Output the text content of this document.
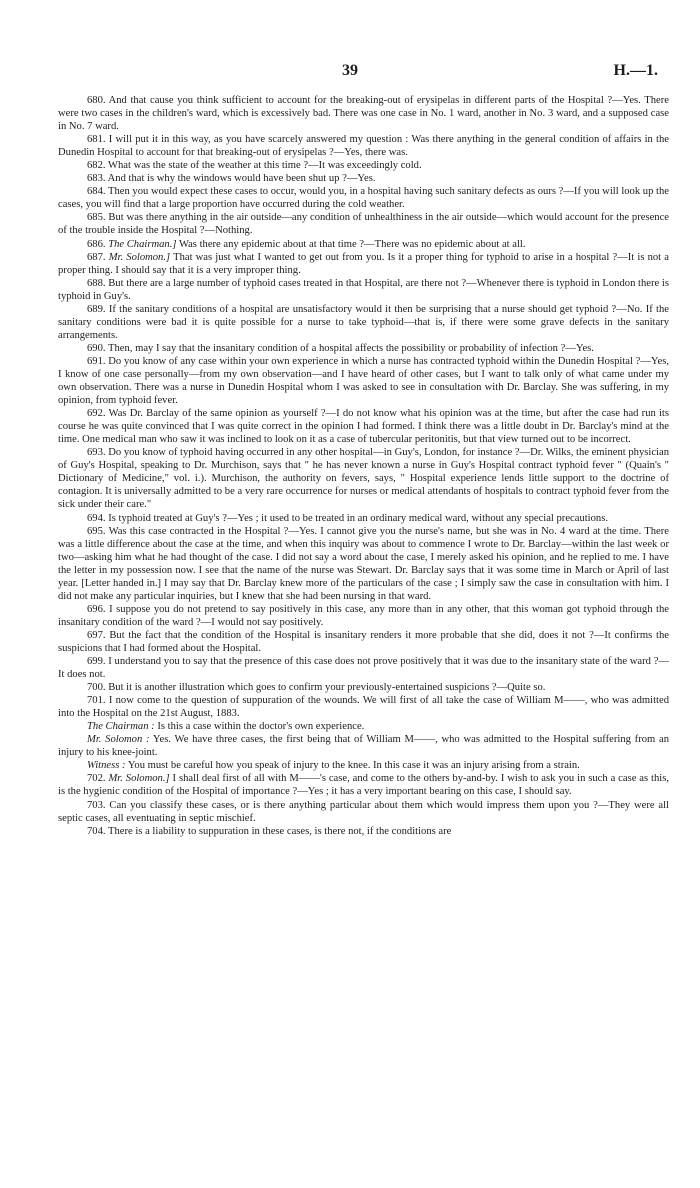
39	H.—1.

680. And that cause you think sufficient to account for the breaking-out of erysipelas in different parts of the Hospital ?—Yes. There were two cases in the children's ward, which is excessively bad. There was one case in No. 1 ward, another in No. 3 ward, and a supposed case in No. 7 ward.

681. I will put it in this way, as you have scarcely answered my question : Was there anything in the general condition of affairs in the Dunedin Hospital to account for that breaking-out of erysipelas ?—Yes, there was.

682. What was the state of the weather at this time ?—It was exceedingly cold.

683. And that is why the windows would have been shut up ?—Yes.

684. Then you would expect these cases to occur, would you, in a hospital having such sanitary defects as ours ?—If you will look up the cases, you will find that a large proportion have occurred during the cold weather.

685. But was there anything in the air outside—any condition of unhealthiness in the air outside—which would account for the presence of the trouble inside the Hospital ?—Nothing.

686. The Chairman.] Was there any epidemic about at that time ?—There was no epidemic about at all.

687. Mr. Solomon.] That was just what I wanted to get out from you. Is it a proper thing for typhoid to arise in a hospital ?—It is not a proper thing. I should say that it is a very improper thing.

688. But there are a large number of typhoid cases treated in that Hospital, are there not ?—Whenever there is typhoid in London there is typhoid in Guy's.

689. If the sanitary conditions of a hospital are unsatisfactory would it then be surprising that a nurse should get typhoid ?—No. If the sanitary conditions were bad it is quite possible for a nurse to take typhoid—that is, if there were some grave defects in the sanitary arrangements.

690. Then, may I say that the insanitary condition of a hospital affects the possibility or probability of infection ?—Yes.

691. Do you know of any case within your own experience in which a nurse has contracted typhoid within the Dunedin Hospital ?—Yes, I know of one case personally—from my own observation—and I have heard of other cases, but I want to talk only of what came under my own observation. There was a nurse in Dunedin Hospital whom I was asked to see in consultation with Dr. Barclay. She was suffering, in my opinion, from typhoid fever.

692. Was Dr. Barclay of the same opinion as yourself ?—I do not know what his opinion was at the time, but after the case had run its course he was quite convinced that I was quite correct in the opinion I had formed. I think there was a little doubt in Dr. Barclay's mind at the time. One medical man who saw it was inclined to look on it as a case of tubercular peritonitis, but that view turned out to be incorrect.

693. Do you know of typhoid having occurred in any other hospital—in Guy's, London, for instance ?—Dr. Wilks, the eminent physician of Guy's Hospital, speaking to Dr. Murchison, says that " he has never known a nurse in Guy's Hospital contract typhoid fever " (Quain's " Dictionary of Medicine," vol. i.). Murchison, the authority on fevers, says, " Hospital experience lends little support to the doctrine of contagion. It is universally admitted to be a very rare occurrence for nurses or medical attendants of hospitals to contract typhoid fever from the sick under their care."

694. Is typhoid treated at Guy's ?—Yes ; it used to be treated in an ordinary medical ward, without any special precautions.

695. Was this case contracted in the Hospital ?—Yes. I cannot give you the nurse's name, but she was in No. 4 ward at the time. There was a little difference about the case at the time, and when this inquiry was about to commence I wrote to Dr. Barclay—within the last week or two—asking him what he had thought of the case. I did not say a word about the case, I merely asked his opinion, and he replied to me. I have the letter in my possession now. I see that the name of the nurse was Stewart. Dr. Barclay says that it was some time in March or April of last year. [Letter handed in.] I may say that Dr. Barclay knew more of the particulars of the case ; I simply saw the case in consultation with him. I did not make any particular inquiries, but I knew that she had been nursing in that ward.

696. I suppose you do not pretend to say positively in this case, any more than in any other, that this woman got typhoid through the insanitary condition of the ward ?—I would not say positively.

697. But the fact that the condition of the Hospital is insanitary renders it more probable that she did, does it not ?—It confirms the suspicions that I had formed about the Hospital.

699. I understand you to say that the presence of this case does not prove positively that it was due to the insanitary state of the ward ?—It does not.

700. But it is another illustration which goes to confirm your previously-entertained suspicions ?—Quite so.

701. I now come to the question of suppuration of the wounds. We will first of all take the case of William M——, who was admitted into the Hospital on the 21st August, 1883.

The Chairman : Is this a case within the doctor's own experience.

Mr. Solomon : Yes. We have three cases, the first being that of William M——, who was admitted to the Hospital suffering from an injury to his knee-joint.

Witness : You must be careful how you speak of injury to the knee. In this case it was an injury arising from a strain.

702. Mr. Solomon.] I shall deal first of all with M——'s case, and come to the others by-and-by. I wish to ask you in such a case as this, is the hygienic condition of the Hospital of importance ?—Yes ; it has a very important bearing on this case, I should say.

703. Can you classify these cases, or is there anything particular about them which would impress them upon you ?—They were all septic cases, all eventuating in septic mischief.

704. There is a liability to suppuration in these cases, is there not, if the conditions are
